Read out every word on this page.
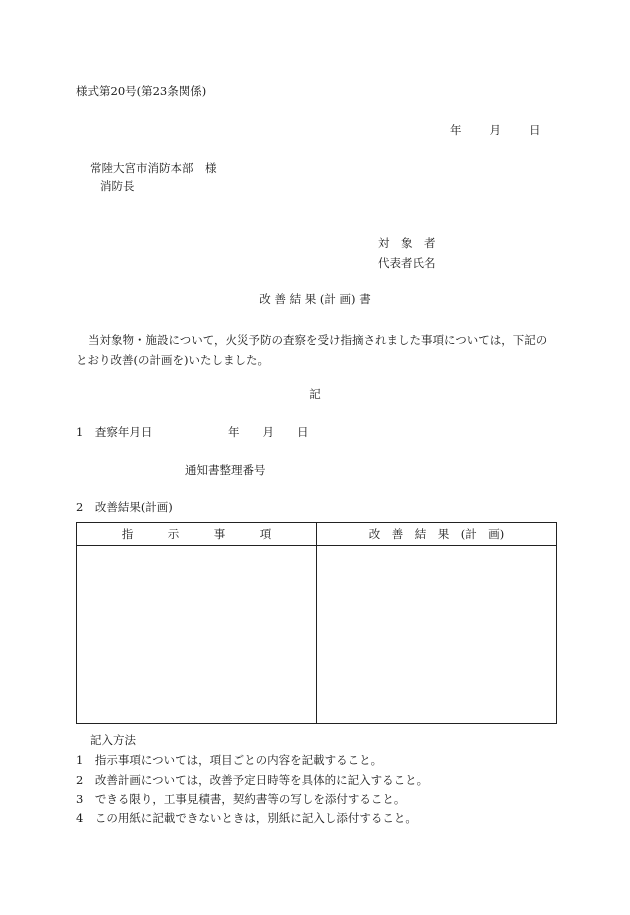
様式第20号(第23条関係)
年 月 日
常陸大宮市消防本部　様
消防長
対　象　者
代表者氏名
改 善 結 果 (計 画) 書
当対象物・施設について，火災予防の査察を受け指摘されました事項については，下記のとおり改善(の計画を)いたしました。
記
1　査察年月日	年　　月　　日
通知書整理番号
2　改善結果(計画)
指　　　示　　　事　　　項	改　善　結　果　(計　画)

記入方法
1　指示事項については，項目ごとの内容を記載すること。
2　改善計画については，改善予定日時等を具体的に記入すること。
3　できる限り，工事見積書，契約書等の写しを添付すること。
4　この用紙に記載できないときは，別紙に記入し添付すること。
